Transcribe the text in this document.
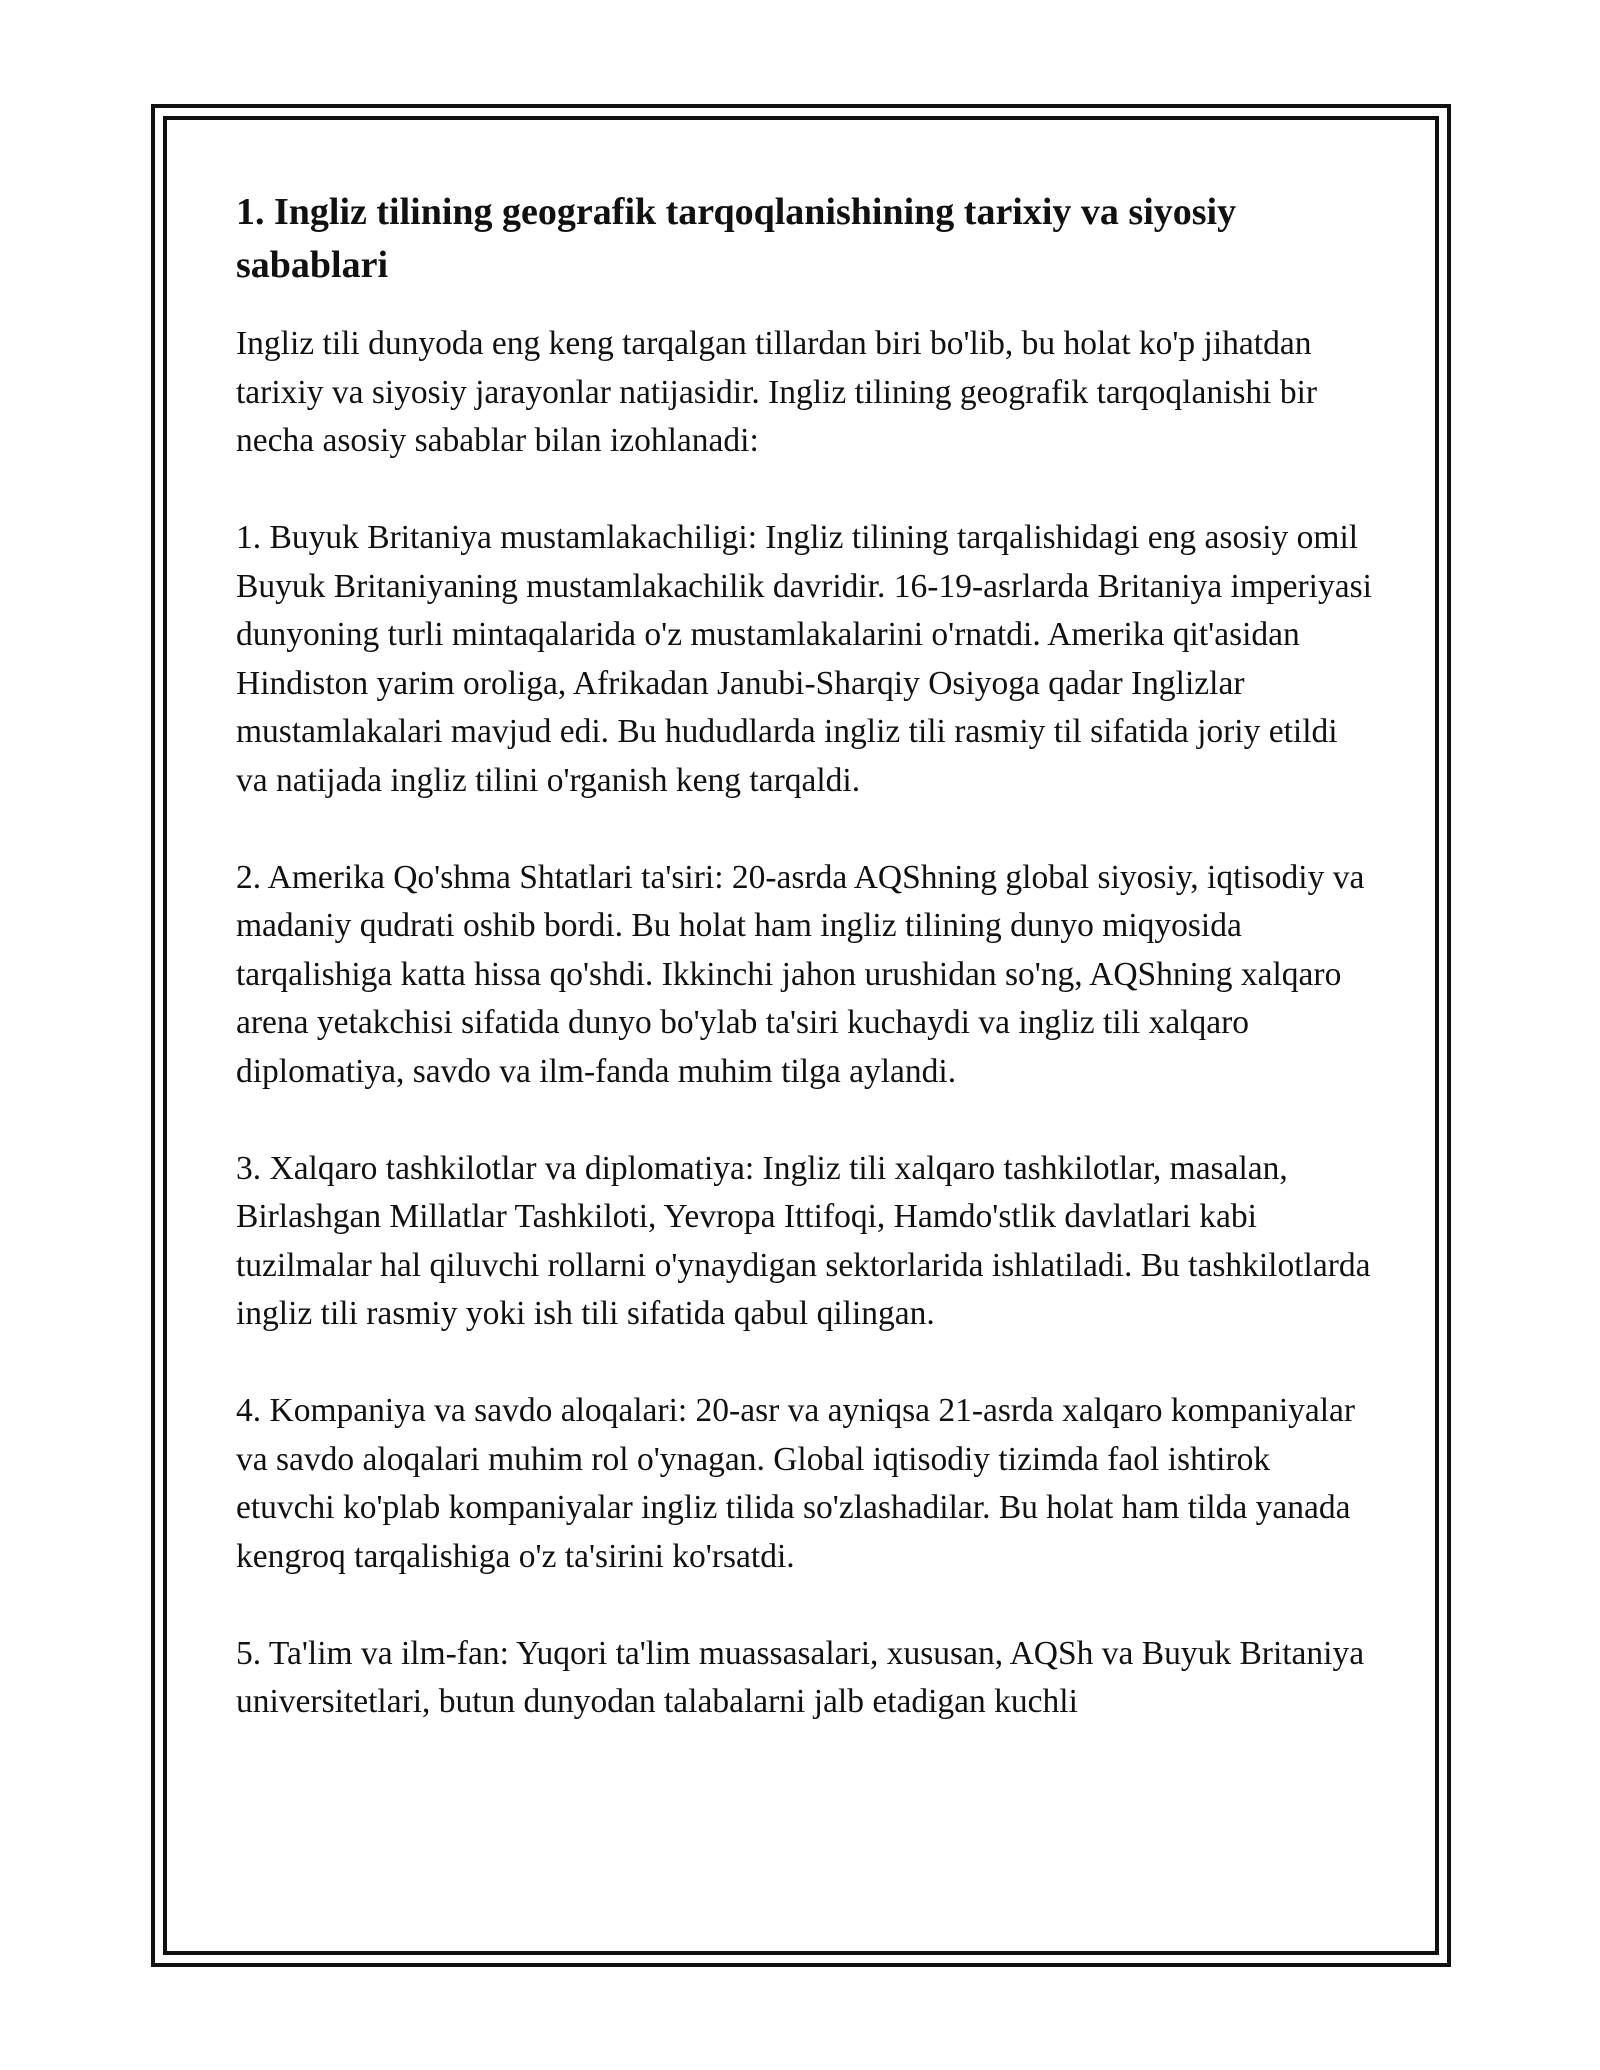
1. Ingliz tilining geografik tarqoqlanishining tarixiy va siyosiy sabablari

Ingliz tili dunyoda eng keng tarqalgan tillardan biri bo'lib, bu holat ko'p jihatdan tarixiy va siyosiy jarayonlar natijasidir. Ingliz tilining geografik tarqoqlanishi bir necha asosiy sabablar bilan izohlanadi:

1. Buyuk Britaniya mustamlakachiligi: Ingliz tilining tarqalishidagi eng asosiy omil Buyuk Britaniyaning mustamlakachilik davridir. 16-19-asrlarda Britaniya imperiyasi dunyoning turli mintaqalarida o'z mustamlakalarini o'rnatdi. Amerika qit'asidan Hindiston yarim oroliga, Afrikadan Janubi-Sharqiy Osiyoga qadar Inglizlar mustamlakalari mavjud edi. Bu hududlarda ingliz tili rasmiy til sifatida joriy etildi va natijada ingliz tilini o'rganish keng tarqaldi.

2. Amerika Qo'shma Shtatlari ta'siri: 20-asrda AQShning global siyosiy, iqtisodiy va madaniy qudrati oshib bordi. Bu holat ham ingliz tilining dunyo miqyosida tarqalishiga katta hissa qo'shdi. Ikkinchi jahon urushidan so'ng, AQShning xalqaro arena yetakchisi sifatida dunyo bo'ylab ta'siri kuchaydi va ingliz tili xalqaro diplomatiya, savdo va ilm-fanda muhim tilga aylandi.

3. Xalqaro tashkilotlar va diplomatiya: Ingliz tili xalqaro tashkilotlar, masalan, Birlashgan Millatlar Tashkiloti, Yevropa Ittifoqi, Hamdo'stlik davlatlari kabi tuzilmalar hal qiluvchi rollarni o'ynaydigan sektorlarida ishlatiladi. Bu tashkilotlarda ingliz tili rasmiy yoki ish tili sifatida qabul qilingan.

4. Kompaniya va savdo aloqalari: 20-asr va ayniqsa 21-asrda xalqaro kompaniyalar va savdo aloqalari muhim rol o'ynagan. Global iqtisodiy tizimda faol ishtirok etuvchi ko'plab kompaniyalar ingliz tilida so'zlashadilar. Bu holat ham tilda yanada kengroq tarqalishiga o'z ta'sirini ko'rsatdi.

5. Ta'lim va ilm-fan: Yuqori ta'lim muassasalari, xususan, AQSh va Buyuk Britaniya universitetlari, butun dunyodan talabalarni jalb etadigan kuchli
